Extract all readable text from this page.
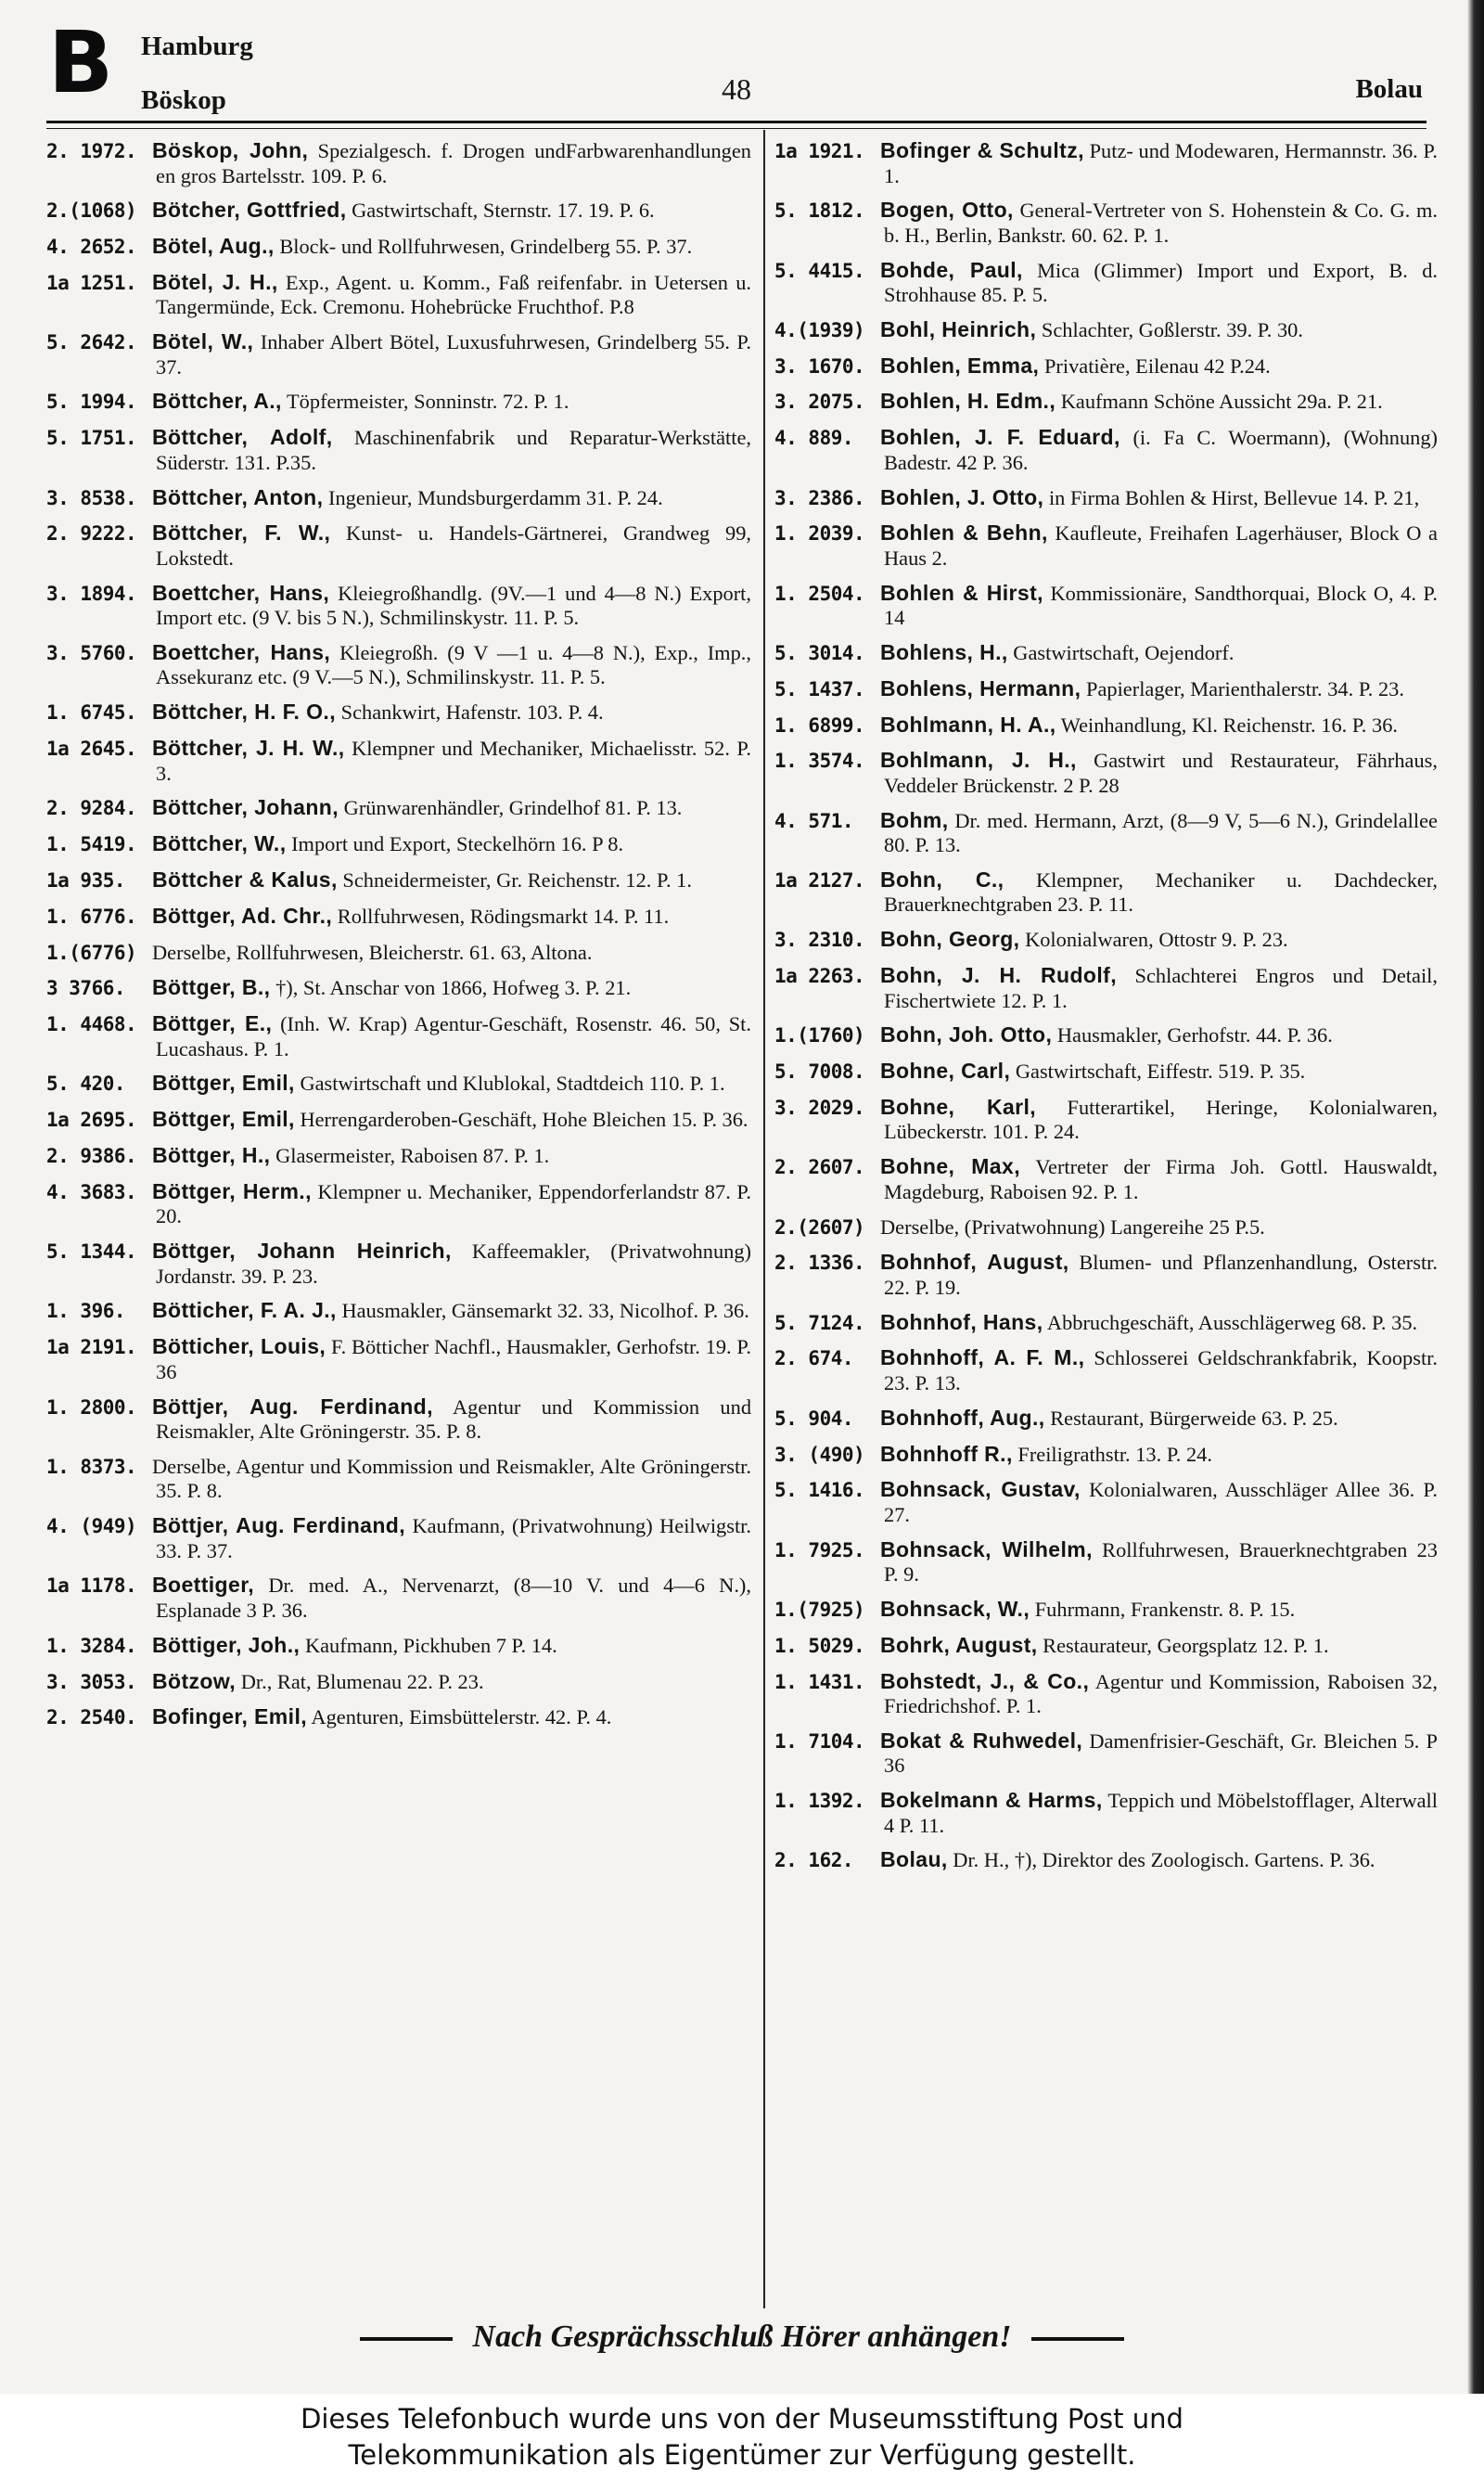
B Hamburg
Böskop	48	Bolau
2. 1972. Böskop, John, Spezialgesch. f. Drogen undFarbwarenhandlungen en gros Bartelsstr. 109. P. 6.
2.(1068) Bötcher, Gottfried, Gastwirtschaft, Sternstr. 17. 19. P. 6.
4. 2652. Bötel, Aug., Block- und Rollfuhrwesen, Grindelberg 55. P. 37.
1a 1251. Bötel, J. H., Exp., Agent. u. Komm., Faß reifenfabr. in Uetersen u. Tangermünde, Eck. Cremonu. Hohebrücke Fruchthof. P.8
5. 2642. Bötel, W., Inhaber Albert Bötel, Luxusfuhrwesen, Grindelberg 55. P. 37.
5. 1994. Böttcher, A., Töpfermeister, Sonninstr. 72. P. 1.
5. 1751. Böttcher, Adolf, Maschinenfabrik und Reparatur-Werkstätte, Süderstr. 131. P.35.
3. 8538. Böttcher, Anton, Ingenieur, Mundsburgerdamm 31. P. 24.
2. 9222. Böttcher, F. W., Kunst- u. Handels-Gärtnerei, Grandweg 99, Lokstedt.
3. 1894. Boettcher, Hans, Kleiegroßhandlg. (9V.—1 und 4—8 N.) Export, Import etc. (9 V. bis 5 N.), Schmilinskystr. 11. P. 5.
3. 5760. Boettcher, Hans, Kleiegroßh. (9 V —1 u. 4—8 N.), Exp., Imp., Assekuranz etc. (9 V.—5 N.), Schmilinskystr. 11. P. 5.
1. 6745. Böttcher, H. F. O., Schankwirt, Hafenstr. 103. P. 4.
1a 2645. Böttcher, J. H. W., Klempner und Mechaniker, Michaelisstr. 52. P. 3.
2. 9284. Böttcher, Johann, Grünwarenhändler, Grindelhof 81. P. 13.
1. 5419. Böttcher, W., Import und Export, Steckelhörn 16. P 8.
1a 935. Böttcher & Kalus, Schneidermeister, Gr. Reichenstr. 12. P. 1.
1. 6776. Böttger, Ad. Chr., Rollfuhrwesen, Rödingsmarkt 14. P. 11.
1.(6776) Derselbe, Rollfuhrwesen, Bleicherstr. 61. 63, Altona.
3 3766. Böttger, B., †), St. Anschar von 1866, Hofweg 3. P. 21.
1. 4468. Böttger, E., (Inh. W. Krap) Agentur-Geschäft, Rosenstr. 46. 50, St. Lucashaus. P. 1.
5. 420. Böttger, Emil, Gastwirtschaft und Klublokal, Stadtdeich 110. P. 1.
1a 2695. Böttger, Emil, Herrengarderoben-Geschäft, Hohe Bleichen 15. P. 36.
2. 9386. Böttger, H., Glasermeister, Raboisen 87. P. 1.
4. 3683. Böttger, Herm., Klempner u. Mechaniker, Eppendorferlandstr 87. P. 20.
5. 1344. Böttger, Johann Heinrich, Kaffeemakler, (Privatwohnung) Jordanstr. 39. P. 23.
1. 396. Bötticher, F. A. J., Hausmakler, Gänsemarkt 32. 33, Nicolhof. P. 36.
1a 2191. Bötticher, Louis, F. Bötticher Nachfl., Hausmakler, Gerhofstr. 19. P. 36
1. 2800. Böttjer, Aug. Ferdinand, Agentur und Kommission und Reismakler, Alte Gröningerstr. 35. P. 8.
1. 8373. Derselbe, Agentur und Kommission und Reismakler, Alte Gröningerstr. 35. P. 8.
4. (949) Böttjer, Aug. Ferdinand, Kaufmann, (Privatwohnung) Heilwigstr. 33. P. 37.
1a 1178. Boettiger, Dr. med. A., Nervenarzt, (8—10 V. und 4—6 N.), Esplanade 3 P. 36.
1. 3284. Böttiger, Joh., Kaufmann, Pickhuben 7 P. 14.
3. 3053. Bötzow, Dr., Rat, Blumenau 22. P. 23.
2. 2540. Bofinger, Emil, Agenturen, Eimsbüttelerstr. 42. P. 4.
1a 1921. Bofinger & Schultz, Putz- und Modewaren, Hermannstr. 36. P. 1.
5. 1812. Bogen, Otto, General-Vertreter von S. Hohenstein & Co. G. m. b. H., Berlin, Bankstr. 60. 62. P. 1.
5. 4415. Bohde, Paul, Mica (Glimmer) Import und Export, B. d. Strohhause 85. P. 5.
4.(1939) Bohl, Heinrich, Schlachter, Goßlerstr. 39. P. 30.
3. 1670. Bohlen, Emma, Privatière, Eilenau 42 P.24.
3. 2075. Bohlen, H. Edm., Kaufmann Schöne Aussicht 29a. P. 21.
4. 889. Bohlen, J. F. Eduard, (i. Fa C. Woermann), (Wohnung) Badestr. 42 P. 36.
3. 2386. Bohlen, J. Otto, in Firma Bohlen & Hirst, Bellevue 14. P. 21,
1. 2039. Bohlen & Behn, Kaufleute, Freihafen Lagerhäuser, Block O a Haus 2.
1. 2504. Bohlen & Hirst, Kommissionäre, Sandthorquai, Block O, 4. P. 14
5. 3014. Bohlens, H., Gastwirtschaft, Oejendorf.
5. 1437. Bohlens, Hermann, Papierlager, Marienthalerstr. 34. P. 23.
1. 6899. Bohlmann, H. A., Weinhandlung, Kl. Reichenstr. 16. P. 36.
1. 3574. Bohlmann, J. H., Gastwirt und Restaurateur, Fährhaus, Veddeler Brückenstr. 2 P. 28
4. 571. Bohm, Dr. med. Hermann, Arzt, (8—9 V, 5—6 N.), Grindelallee 80. P. 13.
1a 2127. Bohn, C., Klempner, Mechaniker u. Dachdecker, Brauerknechtgraben 23. P. 11.
3. 2310. Bohn, Georg, Kolonialwaren, Ottostr 9. P. 23.
1a 2263. Bohn, J. H. Rudolf, Schlachterei Engros und Detail, Fischertwiete 12. P. 1.
1.(1760) Bohn, Joh. Otto, Hausmakler, Gerhofstr. 44. P. 36.
5. 7008. Bohne, Carl, Gastwirtschaft, Eiffestr. 519. P. 35.
3. 2029. Bohne, Karl, Futterartikel, Heringe, Kolonialwaren, Lübeckerstr. 101. P. 24.
2. 2607. Bohne, Max, Vertreter der Firma Joh. Gottl. Hauswaldt, Magdeburg, Raboisen 92. P. 1.
2.(2607) Derselbe, (Privatwohnung) Langereihe 25 P.5.
2. 1336. Bohnhof, August, Blumen- und Pflanzenhandlung, Osterstr. 22. P. 19.
5. 7124. Bohnhof, Hans, Abbruchgeschäft, Ausschlägerweg 68. P. 35.
2. 674. Bohnhoff, A. F. M., Schlosserei Geldschrankfabrik, Koopstr. 23. P. 13.
5. 904. Bohnhoff, Aug., Restaurant, Bürgerweide 63. P. 25.
3. (490) Bohnhoff R., Freiligrathstr. 13. P. 24.
5. 1416. Bohnsack, Gustav, Kolonialwaren, Ausschläger Allee 36. P. 27.
1. 7925. Bohnsack, Wilhelm, Rollfuhrwesen, Brauerknechtgraben 23 P. 9.
1.(7925) Bohnsack, W., Fuhrmann, Frankenstr. 8. P. 15.
1. 5029. Bohrk, August, Restaurateur, Georgsplatz 12. P. 1.
1. 1431. Bohstedt, J., & Co., Agentur und Kommission, Raboisen 32, Friedrichshof. P. 1.
1. 7104. Bokat & Ruhwedel, Damenfrisier-Geschäft, Gr. Bleichen 5. P 36
1. 1392. Bokelmann & Harms, Teppich und Möbelstofflager, Alterwall 4 P. 11.
2. 162. Bolau, Dr. H., †), Direktor des Zoologisch. Gartens. P. 36.
Nach Gesprächsschluß Hörer anhängen!
Dieses Telefonbuch wurde uns von der Museumsstiftung Post und
Telekommunikation als Eigentümer zur Verfügung gestellt.
